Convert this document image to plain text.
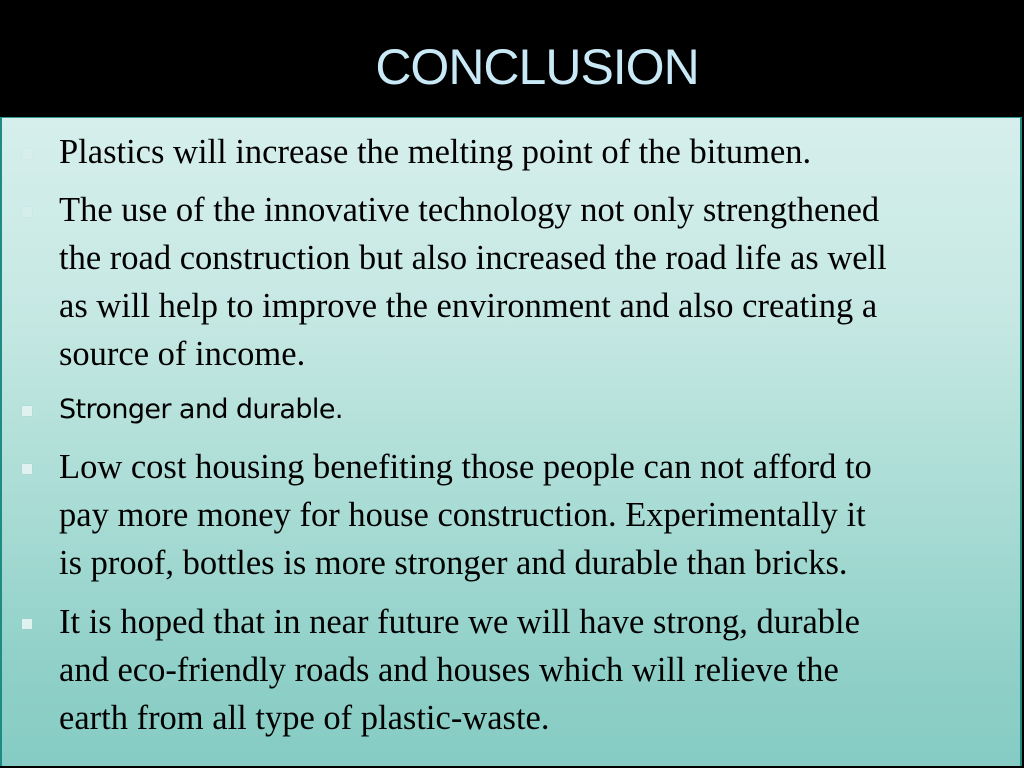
CONCLUSION
Plastics will increase the melting point of the bitumen.
The use of the innovative technology not only strengthened
the road construction but also increased the road life as well
as will help to improve the environment and also creating a
source of income.
Stronger and durable.
Low cost housing benefiting those people can not afford to
pay more money for house construction. Experimentally it
is proof, bottles is more stronger and durable than bricks.
It is hoped that in near future we will have strong, durable
and eco-friendly roads and houses which will relieve the
earth from all type of plastic-waste.
